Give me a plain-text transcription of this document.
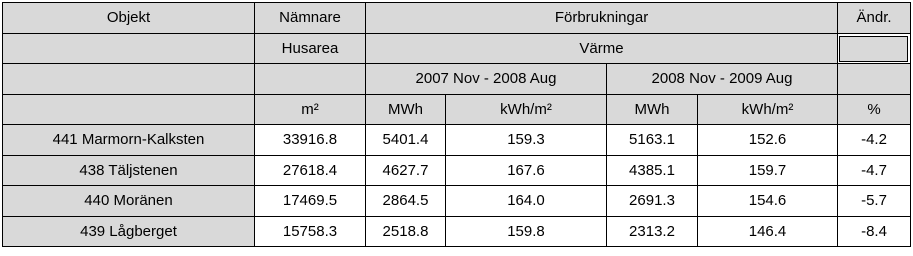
Objekt	Nämnare	Förbrukningar				Ändr.
	Husarea	Värme				

		2007 Nov - 2008 Aug		2008 Nov - 2009 Aug		
	m²	MWh	kWh/m²	MWh	kWh/m²	%
441 Marmorn-Kalksten	33916.8	5401.4	159.3	5163.1	152.6	-4.2
438 Täljstenen	27618.4	4627.7	167.6	4385.1	159.7	-4.7
440 Moränen	17469.5	2864.5	164.0	2691.3	154.6	-5.7
439 Lågberget	15758.3	2518.8	159.8	2313.2	146.4	-8.4
